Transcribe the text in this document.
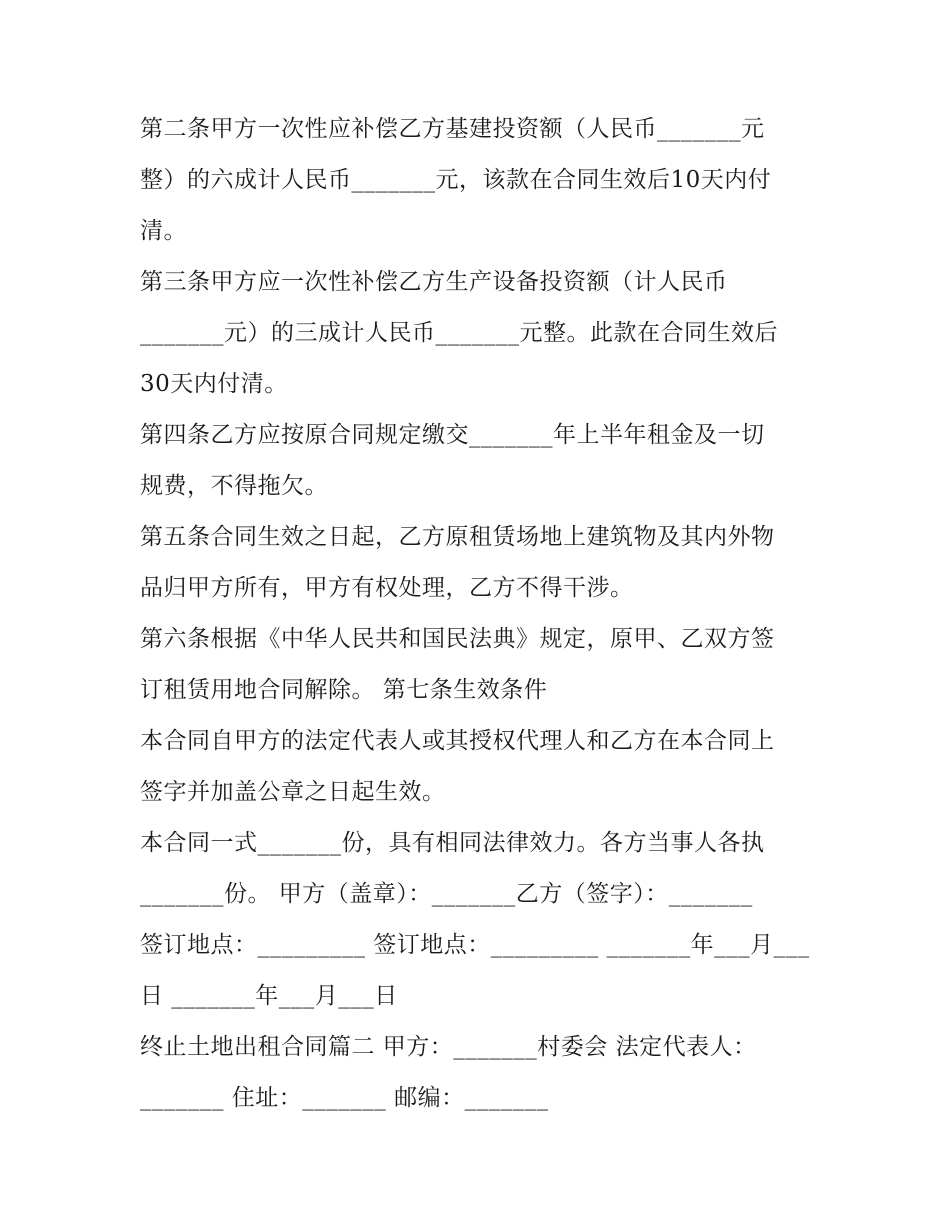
第二条甲方一次性应补偿乙方基建投资额（人民币_______元
整）的六成计人民币_______元，该款在合同生效后10天内付
清。
第三条甲方应一次性补偿乙方生产设备投资额（计人民币
_______元）的三成计人民币_______元整。此款在合同生效后
30天内付清。
第四条乙方应按原合同规定缴交_______年上半年租金及一切
规费，不得拖欠。
第五条合同生效之日起，乙方原租赁场地上建筑物及其内外物
品归甲方所有，甲方有权处理，乙方不得干涉。
第六条根据《中华人民共和国民法典》规定，原甲、乙双方签
订租赁用地合同解除。 第七条生效条件
本合同自甲方的法定代表人或其授权代理人和乙方在本合同上
签字并加盖公章之日起生效。
本合同一式_______份，具有相同法律效力。各方当事人各执
_______份。 甲方（盖章）：_______乙方（签字）：_______
签订地点：_________ 签订地点：_________ _______年___月___
日 _______年___月___日
终止土地出租合同篇二 甲方：_______村委会 法定代表人：
_______ 住址：_______ 邮编：_______
